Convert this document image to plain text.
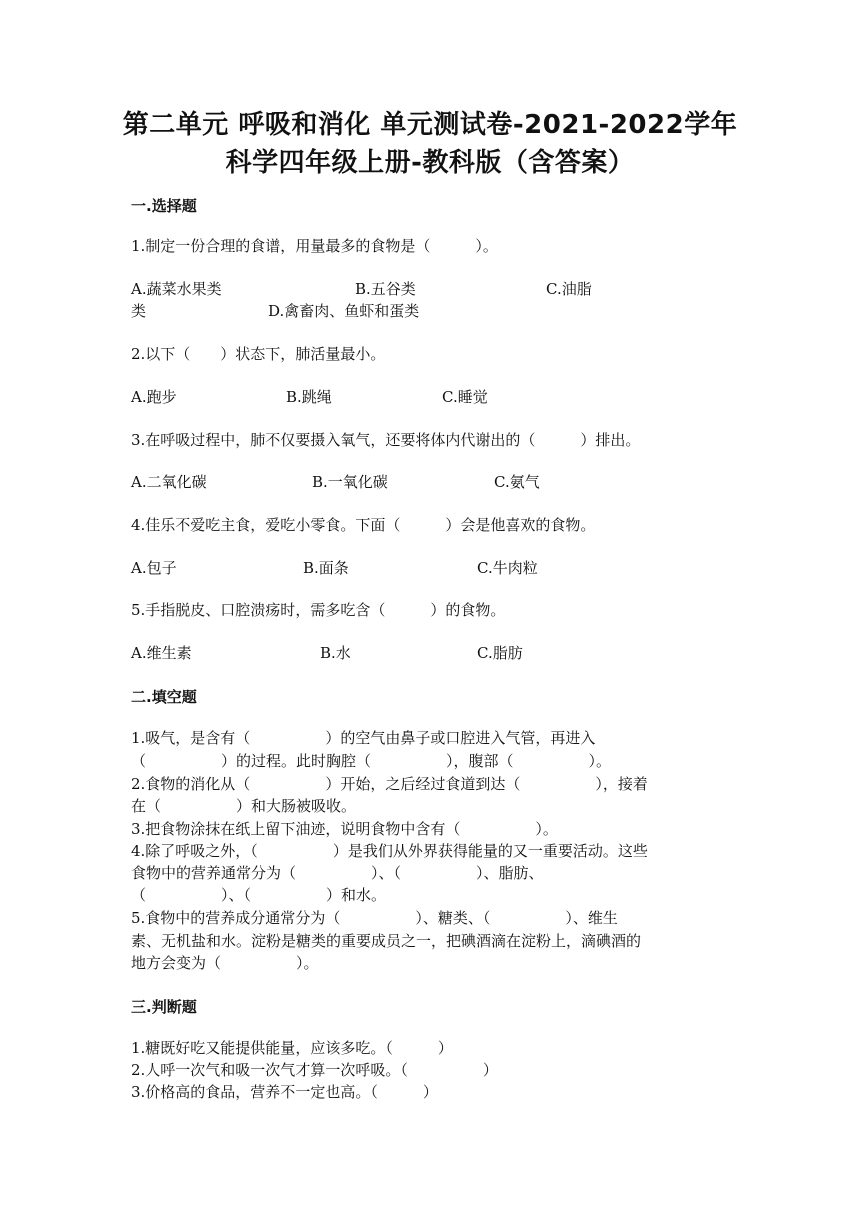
第二单元 呼吸和消化 单元测试卷-2021-2022学年
科学四年级上册-教科版（含答案）
一.选择题
1.制定一份合理的食谱，用量最多的食物是（　　　）。
A.蔬菜水果类	B.五谷类	C.油脂
类	D.禽畜肉、鱼虾和蛋类
2.以下（　　）状态下，肺活量最小。
A.跑步	B.跳绳	C.睡觉
3.在呼吸过程中，肺不仅要摄入氧气，还要将体内代谢出的（　　　）排出。
A.二氧化碳	B.一氧化碳	C.氨气
4.佳乐不爱吃主食，爱吃小零食。下面（　　　）会是他喜欢的食物。
A.包子	B.面条	C.牛肉粒
5.手指脱皮、口腔溃疡时，需多吃含（　　　）的食物。
A.维生素	B.水	C.脂肪
二.填空题
1.吸气，是含有（　　　　　）的空气由鼻子或口腔进入气管，再进入
（　　　　　）的过程。此时胸腔（　　　　　），腹部（　　　　　）。
2.食物的消化从（　　　　　）开始，之后经过食道到达（　　　　　），接着
在（　　　　　）和大肠被吸收。
3.把食物涂抹在纸上留下油迹，说明食物中含有（　　　　　）。
4.除了呼吸之外，（　　　　　）是我们从外界获得能量的又一重要活动。这些
食物中的营养通常分为（　　　　　）、（　　　　　）、脂肪、
（　　　　　）、（　　　　　）和水。
5.食物中的营养成分通常分为（　　　　　）、糖类、（　　　　　）、维生
素、无机盐和水。淀粉是糖类的重要成员之一，把碘酒滴在淀粉上，滴碘酒的
地方会变为（　　　　　）。
三.判断题
1.糖既好吃又能提供能量，应该多吃。（　　　）
2.人呼一次气和吸一次气才算一次呼吸。（　　　　　）
3.价格高的食品，营养不一定也高。（　　　）
